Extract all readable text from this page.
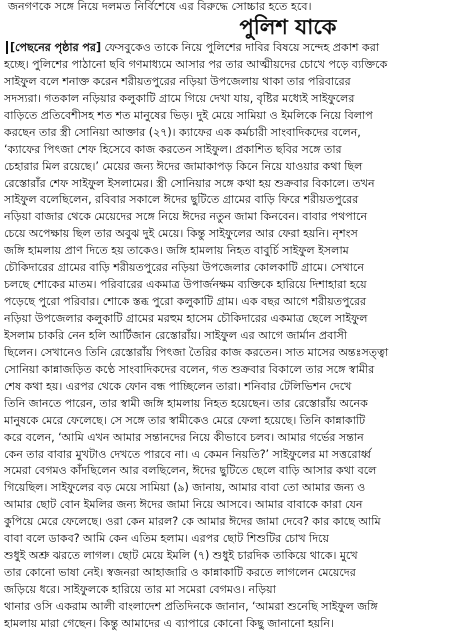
জনগণকে সঙ্গে নিয়ে দলমত নির্বিশেষে এর বিরুদ্ধে সোচ্চার হতে হবে।
পুলিশ যাকে
[পেছনের পৃষ্ঠার পর] ফেসবুকেও তাকে নিয়ে পুলিশের দাবির বিষয়ে সন্দেহ প্রকাশ করা
হচ্ছে। পুলিশের পাঠানো ছবি গণমাধ্যমে আসার পর তার আত্মীয়দের চোখে পড়ে ব্যক্তিকে
সাইফুল বলে শনাক্ত করেন শরীয়তপুরের নড়িয়া উপজেলায় থাকা তার পরিবারের
সদস্যরা। গতকাল নড়িয়ার কলুকাটি গ্রামে গিয়ে দেখা যায়, বৃষ্টির মধ্যেই সাইফুলের
বাড়িতে প্রতিবেশীসহ শত শত মানুষের ভিড়। দুই মেয়ে সামিয়া ও ইমলিকে নিয়ে বিলাপ
করছেন তার স্ত্রী সোনিয়া আক্তার (২৭)। ক্যাফের এক কর্মচারী সাংবাদিকদের বলেন,
‘ক্যাফের পিৎজা শেফ হিসেবে কাজ করতেন সাইফুল। প্রকাশিত ছবির সঙ্গে তার
চেহারার মিল রয়েছে।’ মেয়ের জন্য ঈদের জামাকাপড় কিনে নিয়ে যাওয়ার কথা ছিল
রেস্তোরাঁর শেফ সাইফুল ইসলামের। স্ত্রী সোনিয়ার সঙ্গে কথা হয় শুক্রবার বিকালে। তখন
সাইফুল বলেছিলেন, রবিবার সকালে ঈদের ছুটিতে গ্রামের বাড়ি ফিরে শরীয়তপুরের
নড়িয়া বাজার থেকে মেয়েদের সঙ্গে নিয়ে ঈদের নতুন জামা কিনবেন। বাবার পথপানে
চেয়ে অপেক্ষায় ছিল তার অবুঝ দুই মেয়ে। কিন্তু সাইফুলের আর ফেরা হয়নি। নৃশংস
জঙ্গি হামলায় প্রাণ দিতে হয় তাকেও। জঙ্গি হামলায় নিহত বাবুর্চি সাইফুল ইসলাম
চৌকিদারের গ্রামের বাড়ি শরীয়তপুরের নড়িয়া উপজেলার কোলকাটি গ্রামে। সেখানে
চলছে শোকের মাতম। পরিবারের একমাত্র উপার্জনক্ষম ব্যক্তিকে হারিয়ে দিশাহারা হয়ে
পড়েছে পুরো পরিবার। শোকে স্তব্ধ পুরো কলুকাটি গ্রাম। এক বছর আগে শরীয়তপুরের
নড়িয়া উপজেলার কলুকাটি গ্রামের মরহুম হাসেম চৌকিদারের একমাত্র ছেলে সাইফুল
ইসলাম চাকরি নেন হলি আর্টিজান রেস্তোরাঁয়। সাইফুল এর আগে জার্মান প্রবাসী
ছিলেন। সেখানেও তিনি রেস্তোরাঁয় পিৎজা তৈরির কাজ করতেন। সাত মাসের অন্তঃসত্ত্বা
সোনিয়া কান্নাজড়িত কণ্ঠে সাংবাদিকদের বলেন, গত শুক্রবার বিকালে তার সঙ্গে স্বামীর
শেষ কথা হয়। এরপর থেকে ফোন বন্ধ পাচ্ছিলেন তারা। শনিবার টেলিভিশন দেখে
তিনি জানতে পারেন, তার স্বামী জঙ্গি হামলায় নিহত হয়েছেন। তার রেস্তোরাঁয় অনেক
মানুষকে মেরে ফেলেছে। সে সঙ্গে তার স্বামীকেও মেরে ফেলা হয়েছে। তিনি কান্নাকাটি
করে বলেন, ‘আমি এখন আমার সন্তানদের নিয়ে কীভাবে চলব। আমার গর্ভের সন্তান
কেন তার বাবার মুখটাও দেখতে পারবে না। এ কেমন নিয়তি?’ সাইফুলের মা সত্তরোর্ধ্ব
সমেরা বেগমও কাঁদছিলেন আর বলছিলেন, ঈদের ছুটিতে ছেলে বাড়ি আসার কথা বলে
গিয়েছিল। সাইফুলের বড় মেয়ে সামিয়া (৯) জানায়, আমার বাবা তো আমার জন্য ও
আমার ছোট বোন ইমলির জন্য ঈদের জামা নিয়ে আসবে। আমার বাবাকে কারা যেন
কুপিয়ে মেরে ফেলেছে। ওরা কেন মারল? কে আমার ঈদের জামা দেবে? কার কাছে আমি
বাবা বলে ডাকব? আমি কেন এতিম হলাম। এরপর ছোট শিশুটির চোখ দিয়ে
শুধুই অশ্রু ঝরতে লাগল। ছোট মেয়ে ইমলি (৭) শুধুই চারদিক তাকিয়ে থাকে। মুখে
তার কোনো ভাষা নেই। স্বজনরা আহাজারি ও কান্নাকাটি করতে লাগলেন মেয়েদের
জড়িয়ে ধরে। সাইফুলকে হারিয়ে তার মা সমেরা বেগমও। নড়িয়া
থানার ওসি একরাম আলী বাংলাদেশ প্রতিদিনকে জানান, ‘আমরা শুনেছি সাইফুল জঙ্গি
হামলায় মারা গেছেন। কিন্তু আমাদের এ ব্যাপারে কোনো কিছু জানানো হয়নি।
